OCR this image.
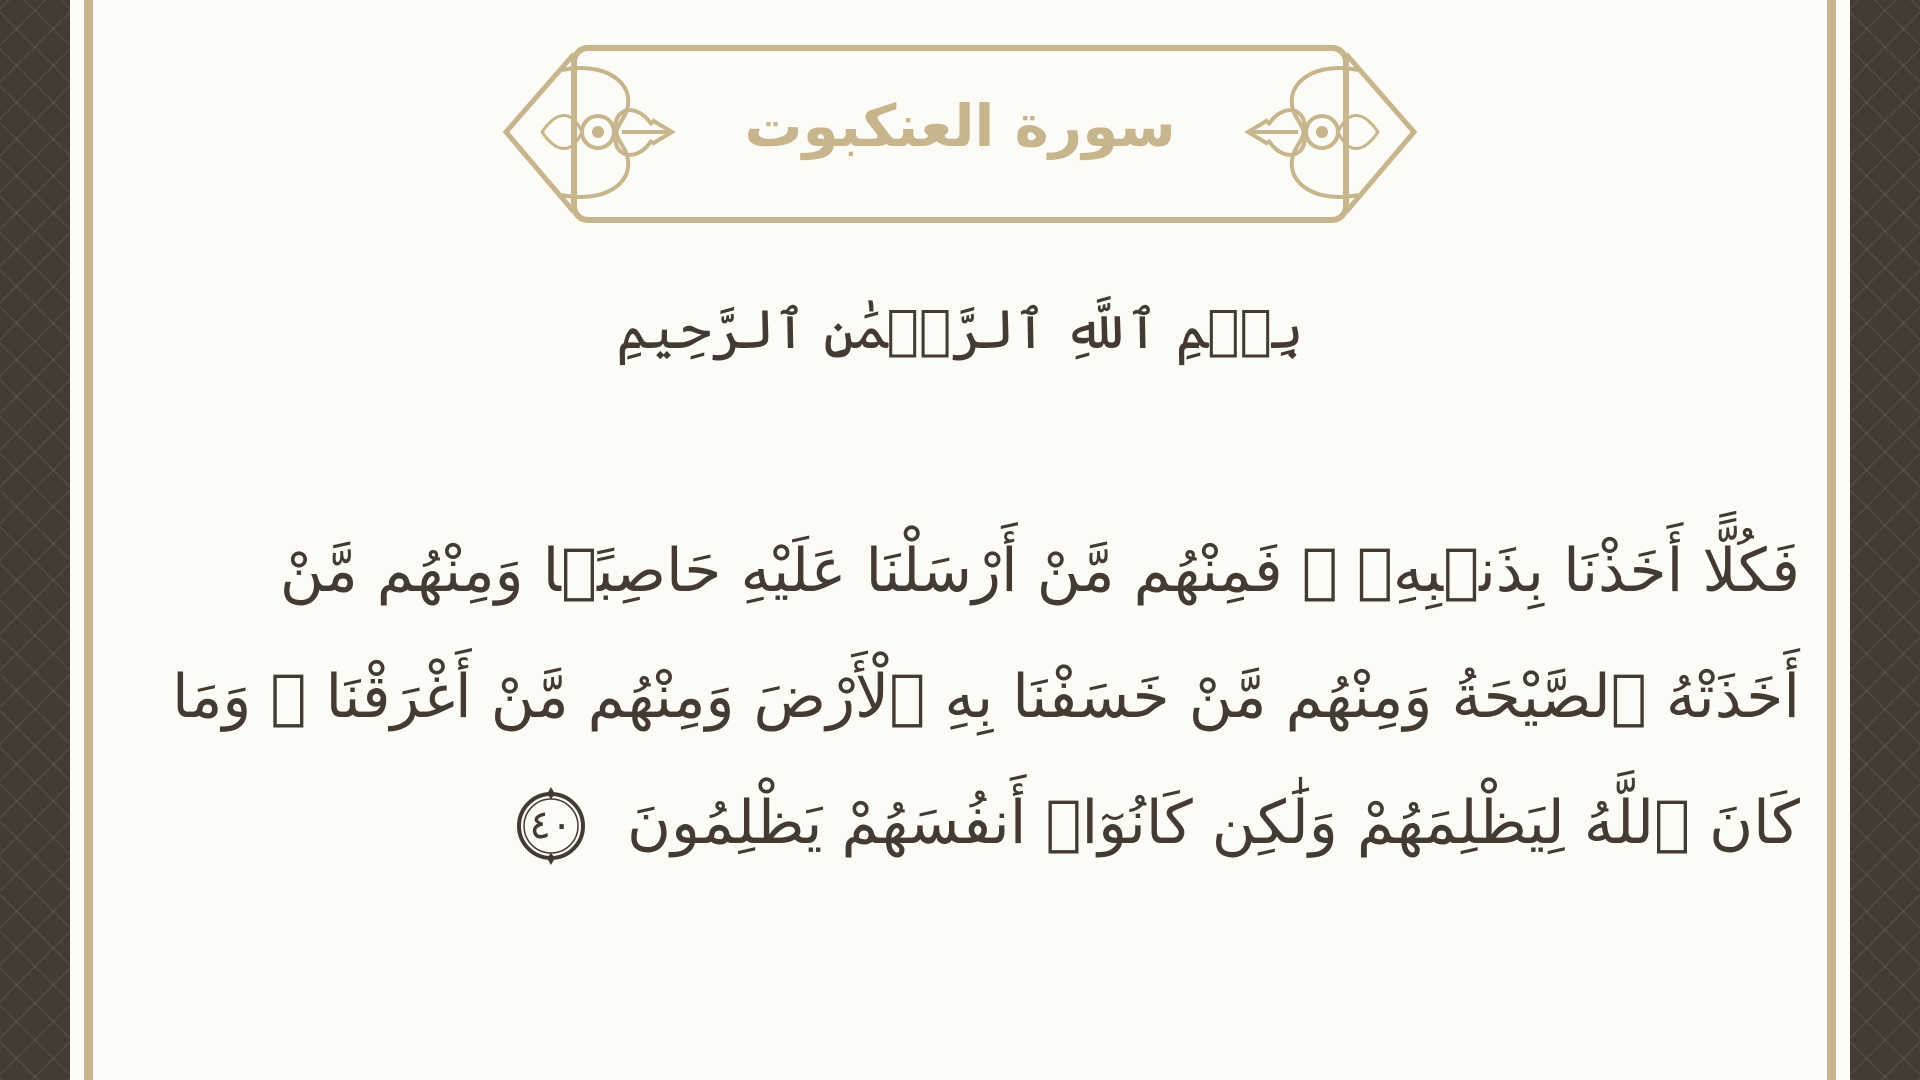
سورة العنكبوت
بِسۡمِ ٱللَّهِ ٱلرَّحۡمَٰنِ ٱلرَّحِيمِ
فَكُلًّا أَخَذْنَا بِذَنۢبِهِۦ ۖ فَمِنْهُم مَّنْ أَرْسَلْنَا عَلَيْهِ حَاصِبًۭا وَمِنْهُم مَّنْ أَخَذَتْهُ ٱلصَّيْحَةُ وَمِنْهُم مَّنْ خَسَفْنَا بِهِ ٱلْأَرْضَ وَمِنْهُم مَّنْ أَغْرَقْنَا ۚ وَمَا كَانَ ٱللَّهُ لِيَظْلِمَهُمْ وَلَٰكِن كَانُوٓا۟ أَنفُسَهُمْ يَظْلِمُونَ
٤٠
